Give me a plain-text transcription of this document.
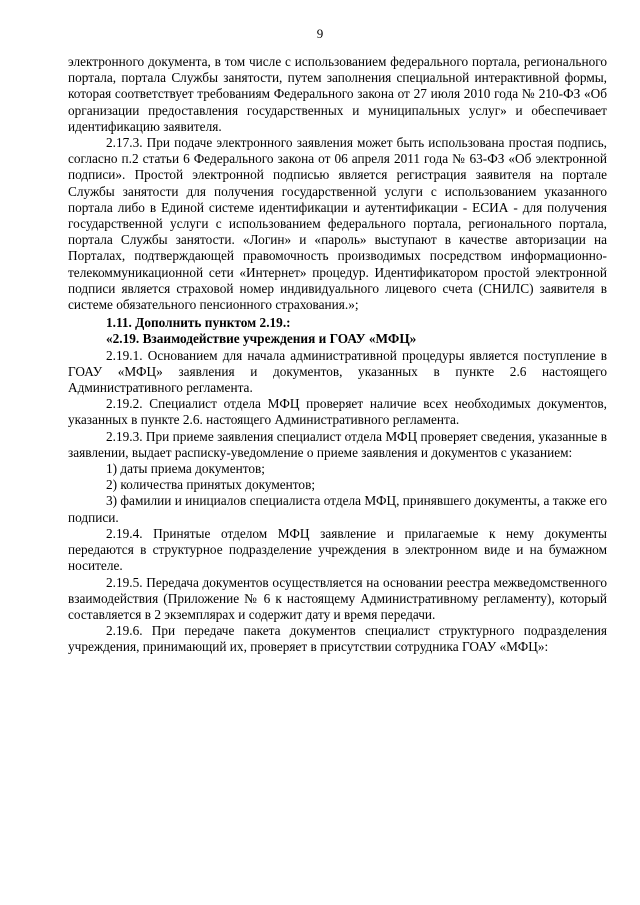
9

электронного документа, в том числе с использованием федерального портала, регионального портала, портала Службы занятости, путем заполнения специальной интерактивной формы, которая соответствует требованиям Федерального закона от 27 июля 2010 года № 210-ФЗ «Об организации предоставления государственных и муниципальных услуг» и обеспечивает идентификацию заявителя.

2.17.3. При подаче электронного заявления может быть использована простая подпись, согласно п.2 статьи 6 Федерального закона от 06 апреля 2011 года № 63-ФЗ «Об электронной подписи». Простой электронной подписью является регистрация заявителя на портале Службы занятости для получения государственной услуги с использованием указанного портала либо в Единой системе идентификации и аутентификации - ЕСИА - для получения государственной услуги с использованием федерального портала, регионального портала, портала Службы занятости. «Логин» и «пароль» выступают в качестве авторизации на Порталах, подтверждающей правомочность производимых посредством информационно-телекоммуникационной сети «Интернет» процедур. Идентификатором простой электронной подписи является страховой номер индивидуального лицевого счета (СНИЛС) заявителя в системе обязательного пенсионного страхования.»;

1.11. Дополнить пунктом 2.19.:

«2.19. Взаимодействие учреждения и ГОАУ «МФЦ»

2.19.1. Основанием для начала административной процедуры является поступление в ГОАУ «МФЦ» заявления и документов, указанных в пункте 2.6 настоящего Административного регламента.

2.19.2. Специалист отдела МФЦ проверяет наличие всех необходимых документов, указанных в пункте 2.6. настоящего Административного регламента.

2.19.3. При приеме заявления специалист отдела МФЦ проверяет сведения, указанные в заявлении, выдает расписку-уведомление о приеме заявления и документов с указанием:

1) даты приема документов;

2) количества принятых документов;

3) фамилии и инициалов специалиста отдела МФЦ, принявшего документы, а также его подписи.

2.19.4. Принятые отделом МФЦ заявление и прилагаемые к нему документы передаются в структурное подразделение учреждения в электронном виде и на бумажном носителе.

2.19.5. Передача документов осуществляется на основании реестра межведомственного взаимодействия (Приложение № 6 к настоящему Административному регламенту), который составляется в 2 экземплярах и содержит дату и время передачи.

2.19.6. При передаче пакета документов специалист структурного подразделения учреждения, принимающий их, проверяет в присутствии сотрудника ГОАУ «МФЦ»:
